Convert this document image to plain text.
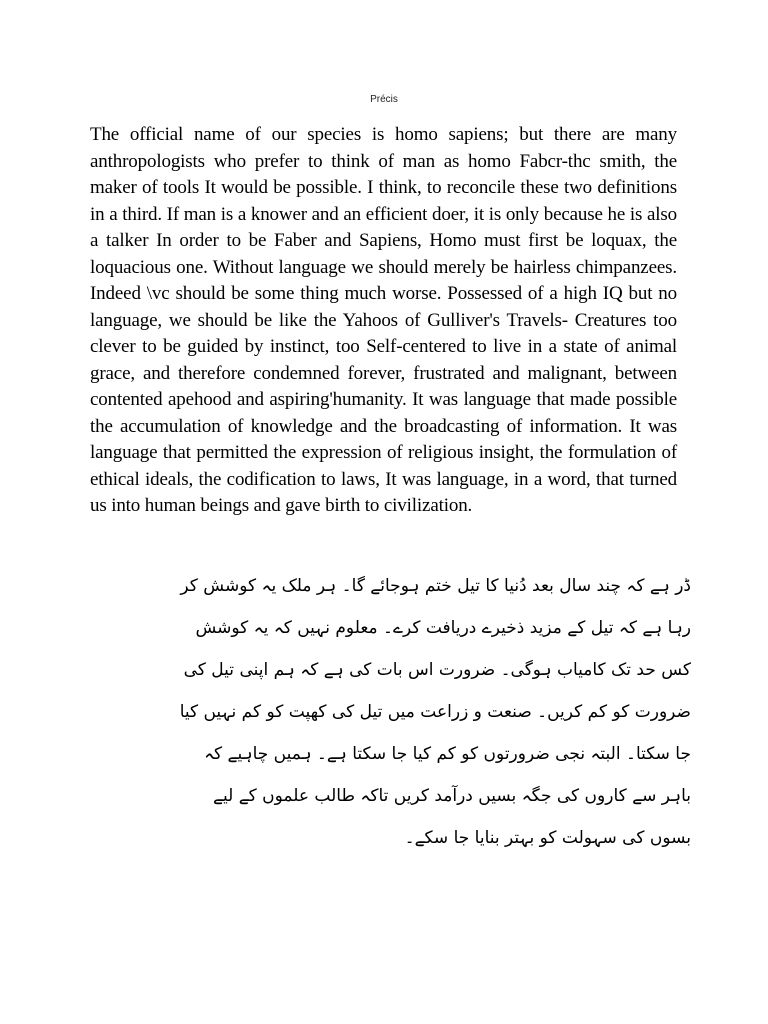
Précis

The official name of our species is homo sapiens; but there are many anthropologists who prefer to think of man as homo Fabcr-thc smith, the maker of tools It would be possible. I think, to reconcile these two definitions in a third. If man is a knower and an efficient doer, it is only because he is also a talker In order to be Faber and Sapiens, Homo must first be loquax, the loquacious one. Without language we should merely be hairless chimpanzees. Indeed \vc should be some thing much worse. Possessed of a high IQ but no language, we should be like the Yahoos of Gulliver's Travels- Creatures too clever to be guided by instinct, too Self-centered to live in a state of animal grace, and therefore condemned forever, frustrated and malignant, between contented apehood and aspiring'humanity. It was language that made possible the accumulation of knowledge and the broadcasting of information. It was language that permitted the expression of religious insight, the formulation of ethical ideals, the codification to laws, It was language, in a word, that turned us into human beings and gave birth to civilization.

ڈر ہے کہ چند سال بعد دُنیا کا تیل ختم ہوجائے گا۔ ہر ملک یہ کوشش کر رہا ہے کہ تیل کے مزید ذخیرے دریافت کرے۔ معلوم نہیں کہ یہ کوشش کس حد تک کامیاب ہوگی۔ ضرورت اس بات کی ہے کہ ہم اپنی تیل کی ضرورت کو کم کریں۔ صنعت و زراعت میں تیل کی کھپت کو کم نہیں کیا جا سکتا۔ البتہ نجی ضرورتوں کو کم کیا جا سکتا ہے۔ ہمیں چاہیے کہ باہر سے کاروں کی جگہ بسیں درآمد کریں تاکہ طالب علموں کے لیے بسوں کی سہولت کو بہتر بنایا جا سکے۔
